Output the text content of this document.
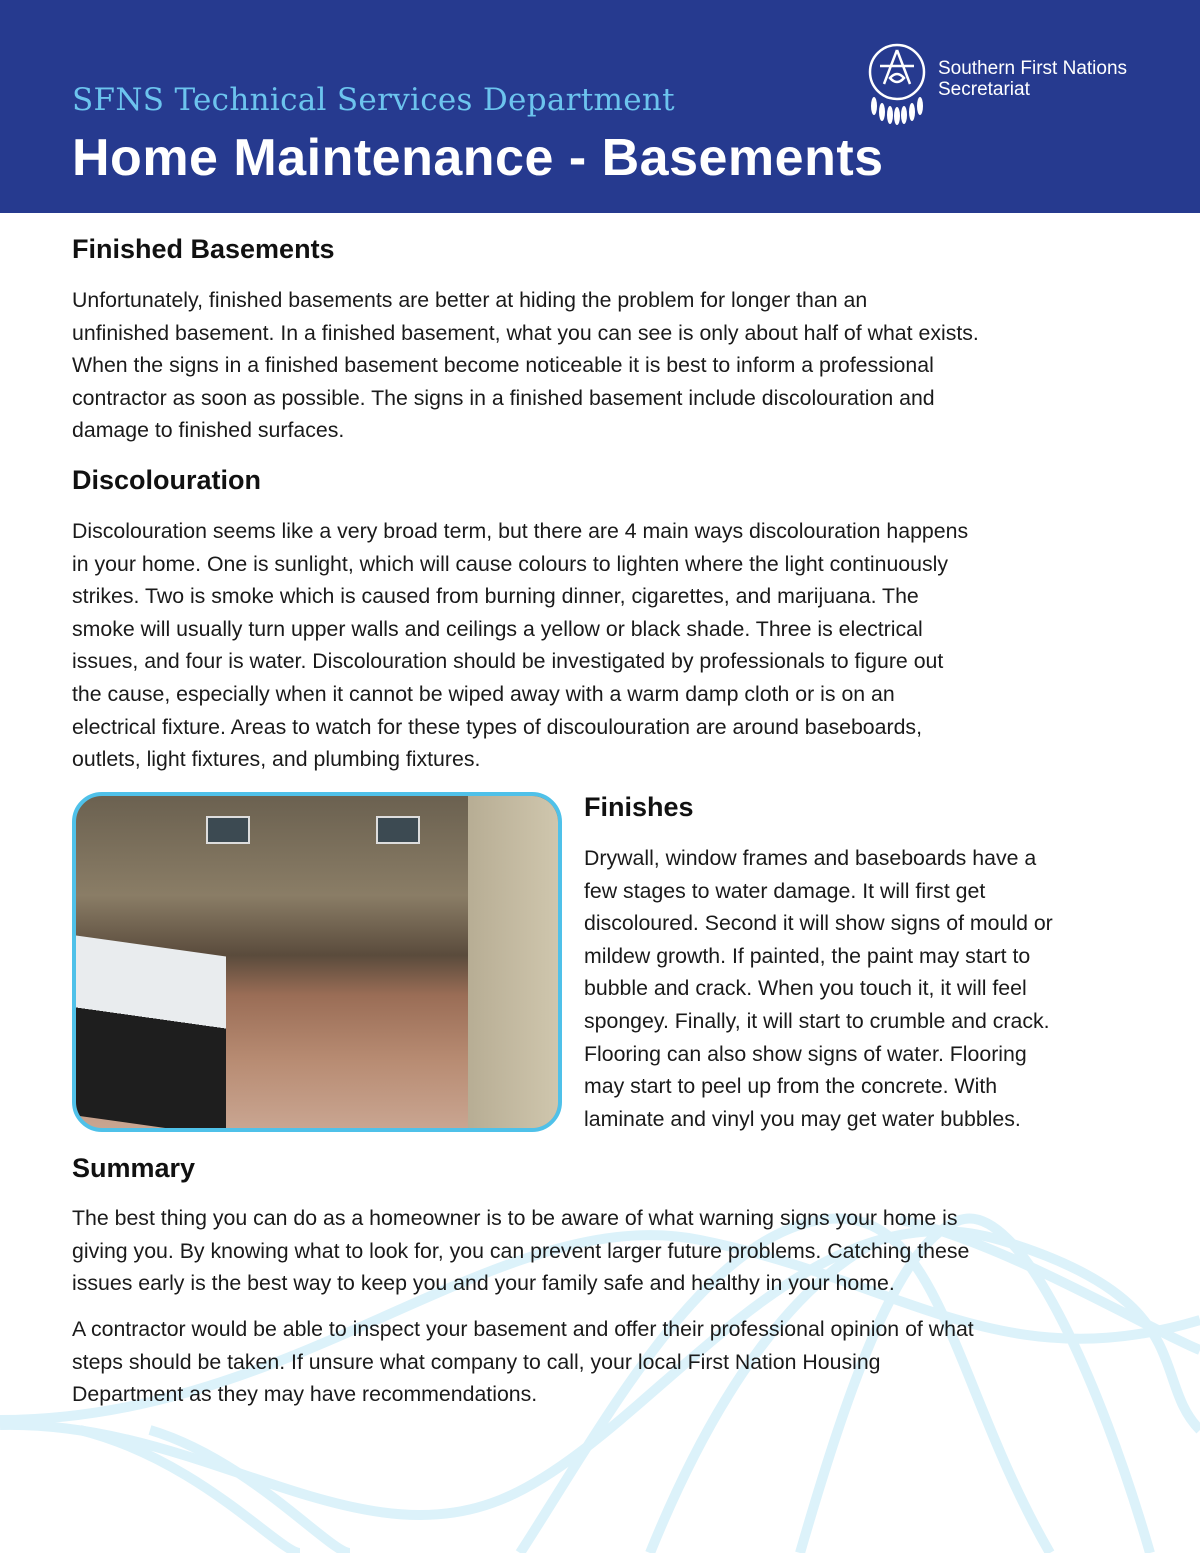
SFNS Technical Services Department
Home Maintenance - Basements
Southern First Nations
Secretariat
Finished Basements
Unfortunately, finished basements are better at hiding the problem for longer than an
unfinished basement. In a finished basement, what you can see is only about half of what exists.
When the signs in a finished basement become noticeable it is best to inform a professional
contractor as soon as possible. The signs in a finished basement include discolouration and
damage to finished surfaces.
Discolouration
Discolouration seems like a very broad term, but there are 4 main ways discolouration happens
in your home. One is sunlight, which will cause colours to lighten where the light continuously
strikes. Two is smoke which is caused from burning dinner, cigarettes, and marijuana. The
smoke will usually turn upper walls and ceilings a yellow or black shade. Three is electrical
issues, and four is water. Discolouration should be investigated by professionals to figure out
the cause, especially when it cannot be wiped away with a warm damp cloth or is on an
electrical fixture. Areas to watch for these types of discoulouration are around baseboards,
outlets, light fixtures, and plumbing fixtures.
Finishes
Drywall, window frames and baseboards have a
few stages to water damage. It will first get
discoloured. Second it will show signs of mould or
mildew growth. If painted, the paint may start to
bubble and crack. When you touch it, it will feel
spongey. Finally, it will start to crumble and crack.
Flooring can also show signs of water. Flooring
may start to peel up from the concrete. With
laminate and vinyl you may get water bubbles.
Summary
The best thing you can do as a homeowner is to be aware of what warning signs your home is
giving you. By knowing what to look for, you can prevent larger future problems. Catching these
issues early is the best way to keep you and your family safe and healthy in your home.
A contractor would be able to inspect your basement and offer their professional opinion of what
steps should be taken. If unsure what company to call, your local First Nation Housing
Department as they may have recommendations.
